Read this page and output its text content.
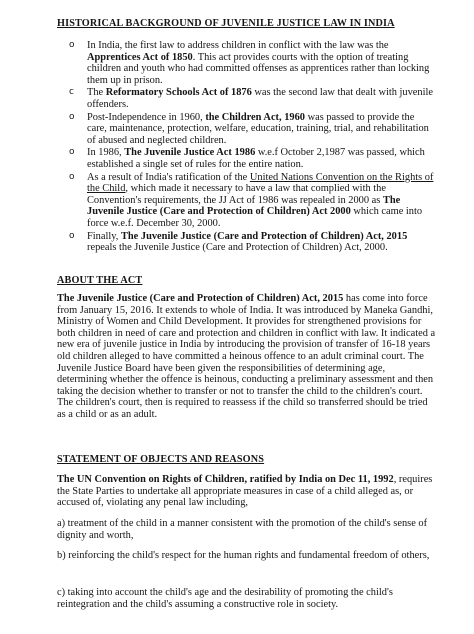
HISTORICAL BACKGROUND OF JUVENILE JUSTICE LAW IN INDIA
o In India, the first law to address children in conflict with the law was the Apprentices Act of 1850. This act provides courts with the option of treating children and youth who had committed offenses as apprentices rather than locking them up in prison.
c The Reformatory Schools Act of 1876 was the second law that dealt with juvenile offenders.
o Post-Independence in 1960, the Children Act, 1960 was passed to provide the care, maintenance, protection, welfare, education, training, trial, and rehabilitation of abused and neglected children.
o In 1986, The Juvenile Justice Act 1986 w.e.f October 2,1987 was passed, which established a single set of rules for the entire nation.
o As a result of India's ratification of the United Nations Convention on the Rights of the Child, which made it necessary to have a law that complied with the Convention's requirements, the JJ Act of 1986 was repealed in 2000 as The Juvenile Justice (Care and Protection of Children) Act 2000 which came into force w.e.f. December 30, 2000.
o Finally, The Juvenile Justice (Care and Protection of Children) Act, 2015 repeals the Juvenile Justice (Care and Protection of Children) Act, 2000.
ABOUT THE ACT

The Juvenile Justice (Care and Protection of Children) Act, 2015 has come into force from January 15, 2016. It extends to whole of India. It was introduced by Maneka Gandhi, Ministry of Women and Child Development. It provides for strengthened provisions for both children in need of care and protection and children in conflict with law. It indicated a new era of juvenile justice in India by introducing the provision of transfer of 16-18 years old children alleged to have committed a heinous offence to an adult criminal court. The Juvenile Justice Board have been given the responsibilities of determining age, determining whether the offence is heinous, conducting a preliminary assessment and then taking the decision whether to transfer or not to transfer the child to the children's court. The children's court, then is required to reassess if the child so transferred should be tried as a child or as an adult.

STATEMENT OF OBJECTS AND REASONS

The UN Convention on Rights of Children, ratified by India on Dec 11, 1992, requires the State Parties to undertake all appropriate measures in case of a child alleged as, or accused of, violating any penal law including,

a) treatment of the child in a manner consistent with the promotion of the child's sense of dignity and worth,

b) reinforcing the child's respect for the human rights and fundamental freedom of others,

c) taking into account the child's age and the desirability of promoting the child's reintegration and the child's assuming a constructive role in society.
